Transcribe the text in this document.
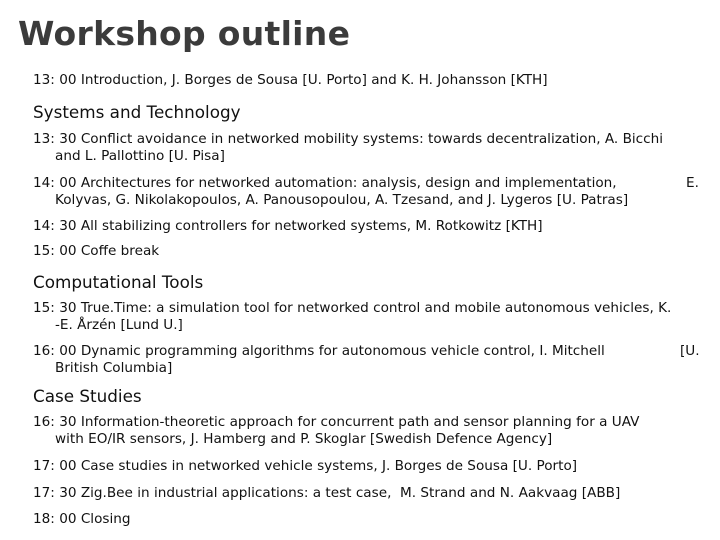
Workshop outline
13: 00 Introduction, J. Borges de Sousa [U. Porto] and K. H. Johansson [KTH]
Systems and Technology
13: 30 Conflict avoidance in networked mobility systems: towards decentralization, A. Bicchi
and L. Pallottino [U. Pisa]
14: 00 Architectures for networked automation: analysis, design and implementation,	E.
Kolyvas, G. Nikolakopoulos, A. Panousopoulou, A. Tzesand, and J. Lygeros [U. Patras]
14: 30 All stabilizing controllers for networked systems, M. Rotkowitz [KTH]
15: 00 Coffe break
Computational Tools
15: 30 True.Time: a simulation tool for networked control and mobile autonomous vehicles, K.
-E. Årzén [Lund U.]
16: 00 Dynamic programming algorithms for autonomous vehicle control, I. Mitchell	[U.
British Columbia]
Case Studies
16: 30 Information-theoretic approach for concurrent path and sensor planning for a UAV
with EO/IR sensors, J. Hamberg and P. Skoglar [Swedish Defence Agency]
17: 00 Case studies in networked vehicle systems, J. Borges de Sousa [U. Porto]
17: 30 Zig.Bee in industrial applications: a test case,  M. Strand and N. Aakvaag [ABB]
18: 00 Closing
